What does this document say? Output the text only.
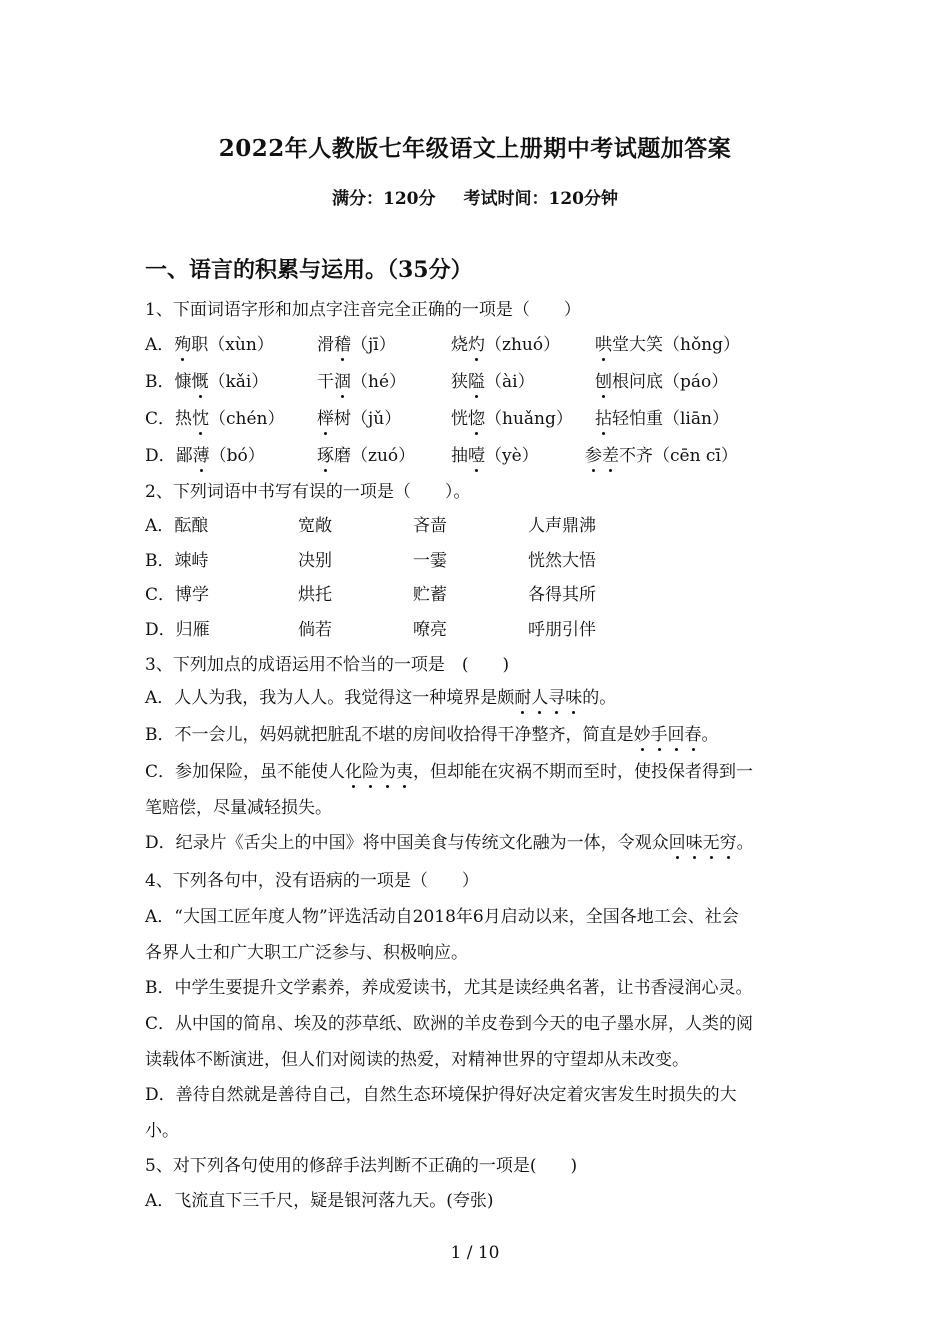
2022年人教版七年级语文上册期中考试题加答案
满分：120分 考试时间：120分钟
一、语言的积累与运用。（35分）
1、下面词语字形和加点字注音完全正确的一项是（　　）
A．殉职（xùn）	滑稽（jī）	烧灼（zhuó） 哄堂大笑（hǒng）
B．慷慨（kǎi）	干涸（hé）	狭隘（ài）	刨根问底（páo）
C．热忱（chén） 榉树（jǔ）	恍惚（huǎng） 拈轻怕重（liān）
D．鄙薄（bó）	琢磨（zuó） 抽噎（yè）	参差不齐（cēn cī）
2、下列词语中书写有误的一项是（　　）。
A．酝酿	宽敞	吝啬	人声鼎沸
B．竦峙	决别	一霎	恍然大悟
C．博学	烘托	贮蓄	各得其所
D．归雁	倘若	嘹亮	呼朋引伴
3、下列加点的成语运用不恰当的一项是　(　　)
A．人人为我，我为人人。我觉得这一种境界是颇耐人寻味的。
B．不一会儿，妈妈就把脏乱不堪的房间收拾得干净整齐，简直是妙手回春。
C．参加保险，虽不能使人化险为夷，但却能在灾祸不期而至时，使投保者得到一
笔赔偿，尽量减轻损失。
D．纪录片《舌尖上的中国》将中国美食与传统文化融为一体，令观众回味无穷。
4、下列各句中，没有语病的一项是（　　）
A．“大国工匠年度人物”评选活动自2018年6月启动以来，全国各地工会、社会
各界人士和广大职工广泛参与、积极响应。
B．中学生要提升文学素养，养成爱读书，尤其是读经典名著，让书香浸润心灵。
C．从中国的简帛、埃及的莎草纸、欧洲的羊皮卷到今天的电子墨水屏，人类的阅
读载体不断演进，但人们对阅读的热爱，对精神世界的守望却从未改变。
D．善待自然就是善待自己，自然生态环境保护得好决定着灾害发生时损失的大
小。
5、对下列各句使用的修辞手法判断不正确的一项是(　　)
A．飞流直下三千尺，疑是银河落九天。(夸张)
1 / 10
